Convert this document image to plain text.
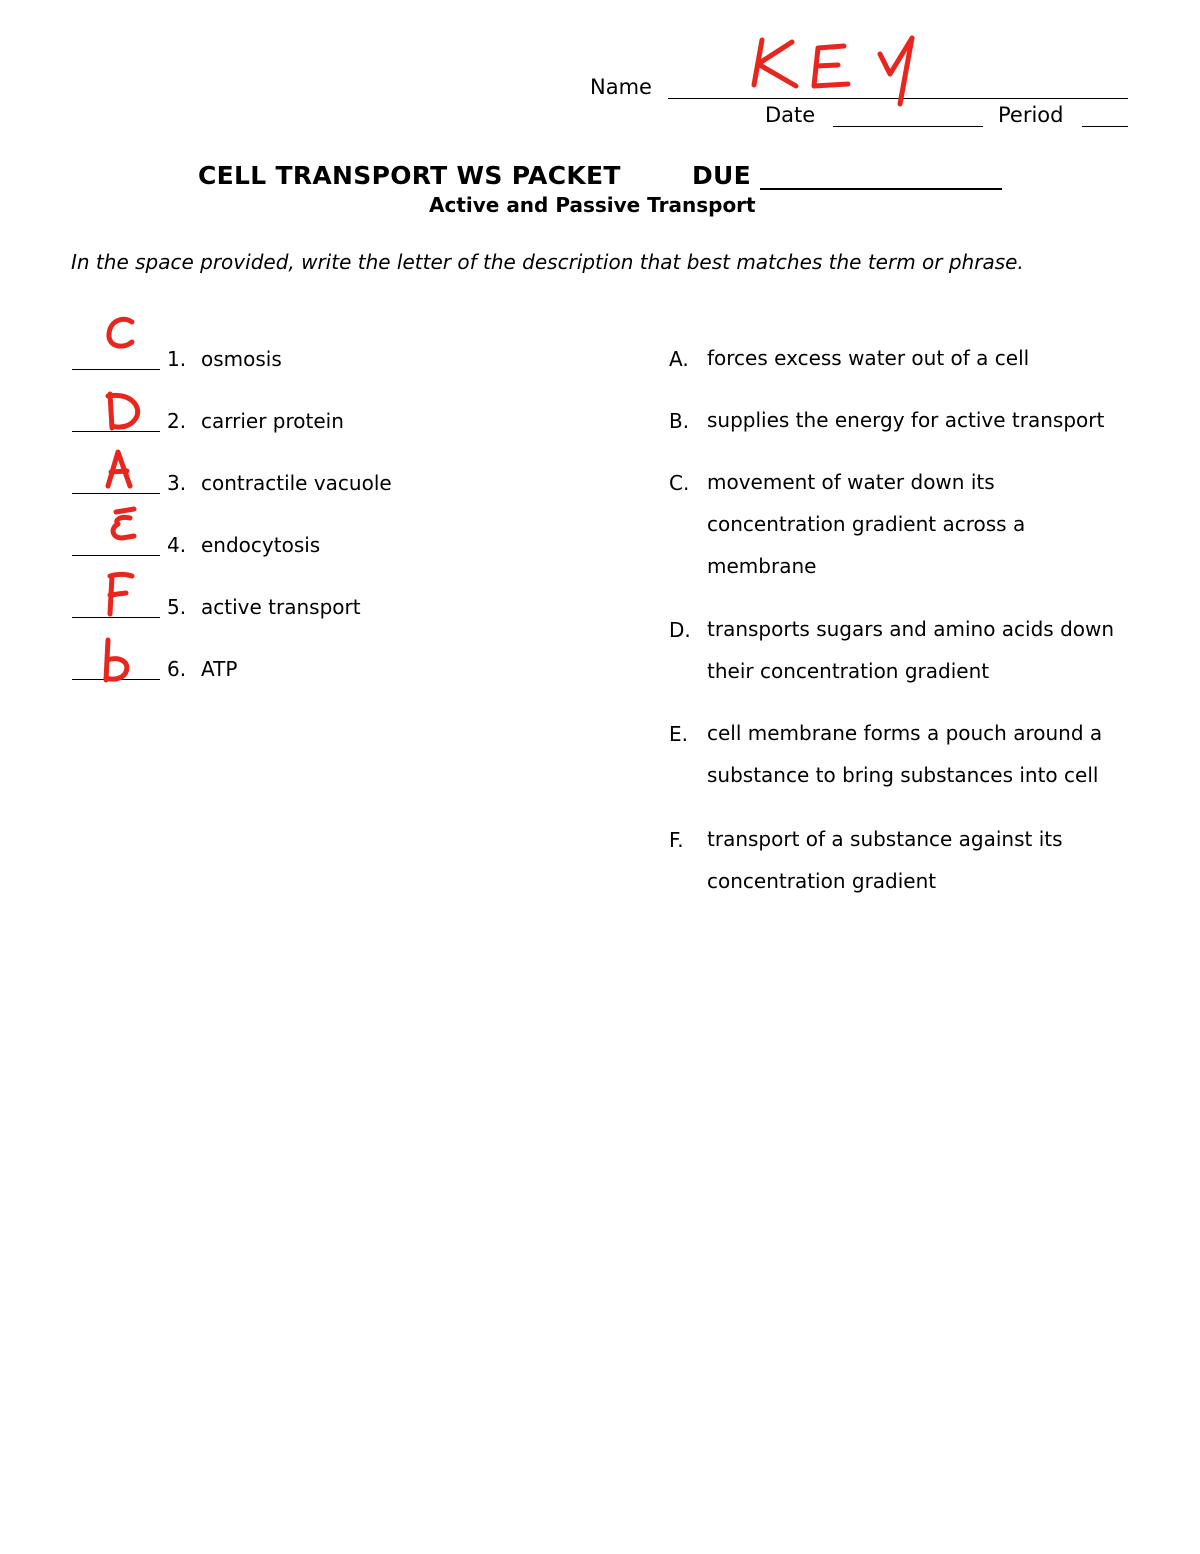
Name
Date	Period
CELL TRANSPORT WS PACKET	DUE
Active and Passive Transport
In the space provided, write the letter of the description that best matches the term or phrase.
1. osmosis
2. carrier protein
3. contractile vacuole
4. endocytosis
5. active transport
6. ATP
A. forces excess water out of a cell
B. supplies the energy for active transport
C. movement of water down its concentration gradient across a membrane
D. transports sugars and amino acids down their concentration gradient
E. cell membrane forms a pouch around a substance to bring substances into cell
F. transport of a substance against its concentration gradient
